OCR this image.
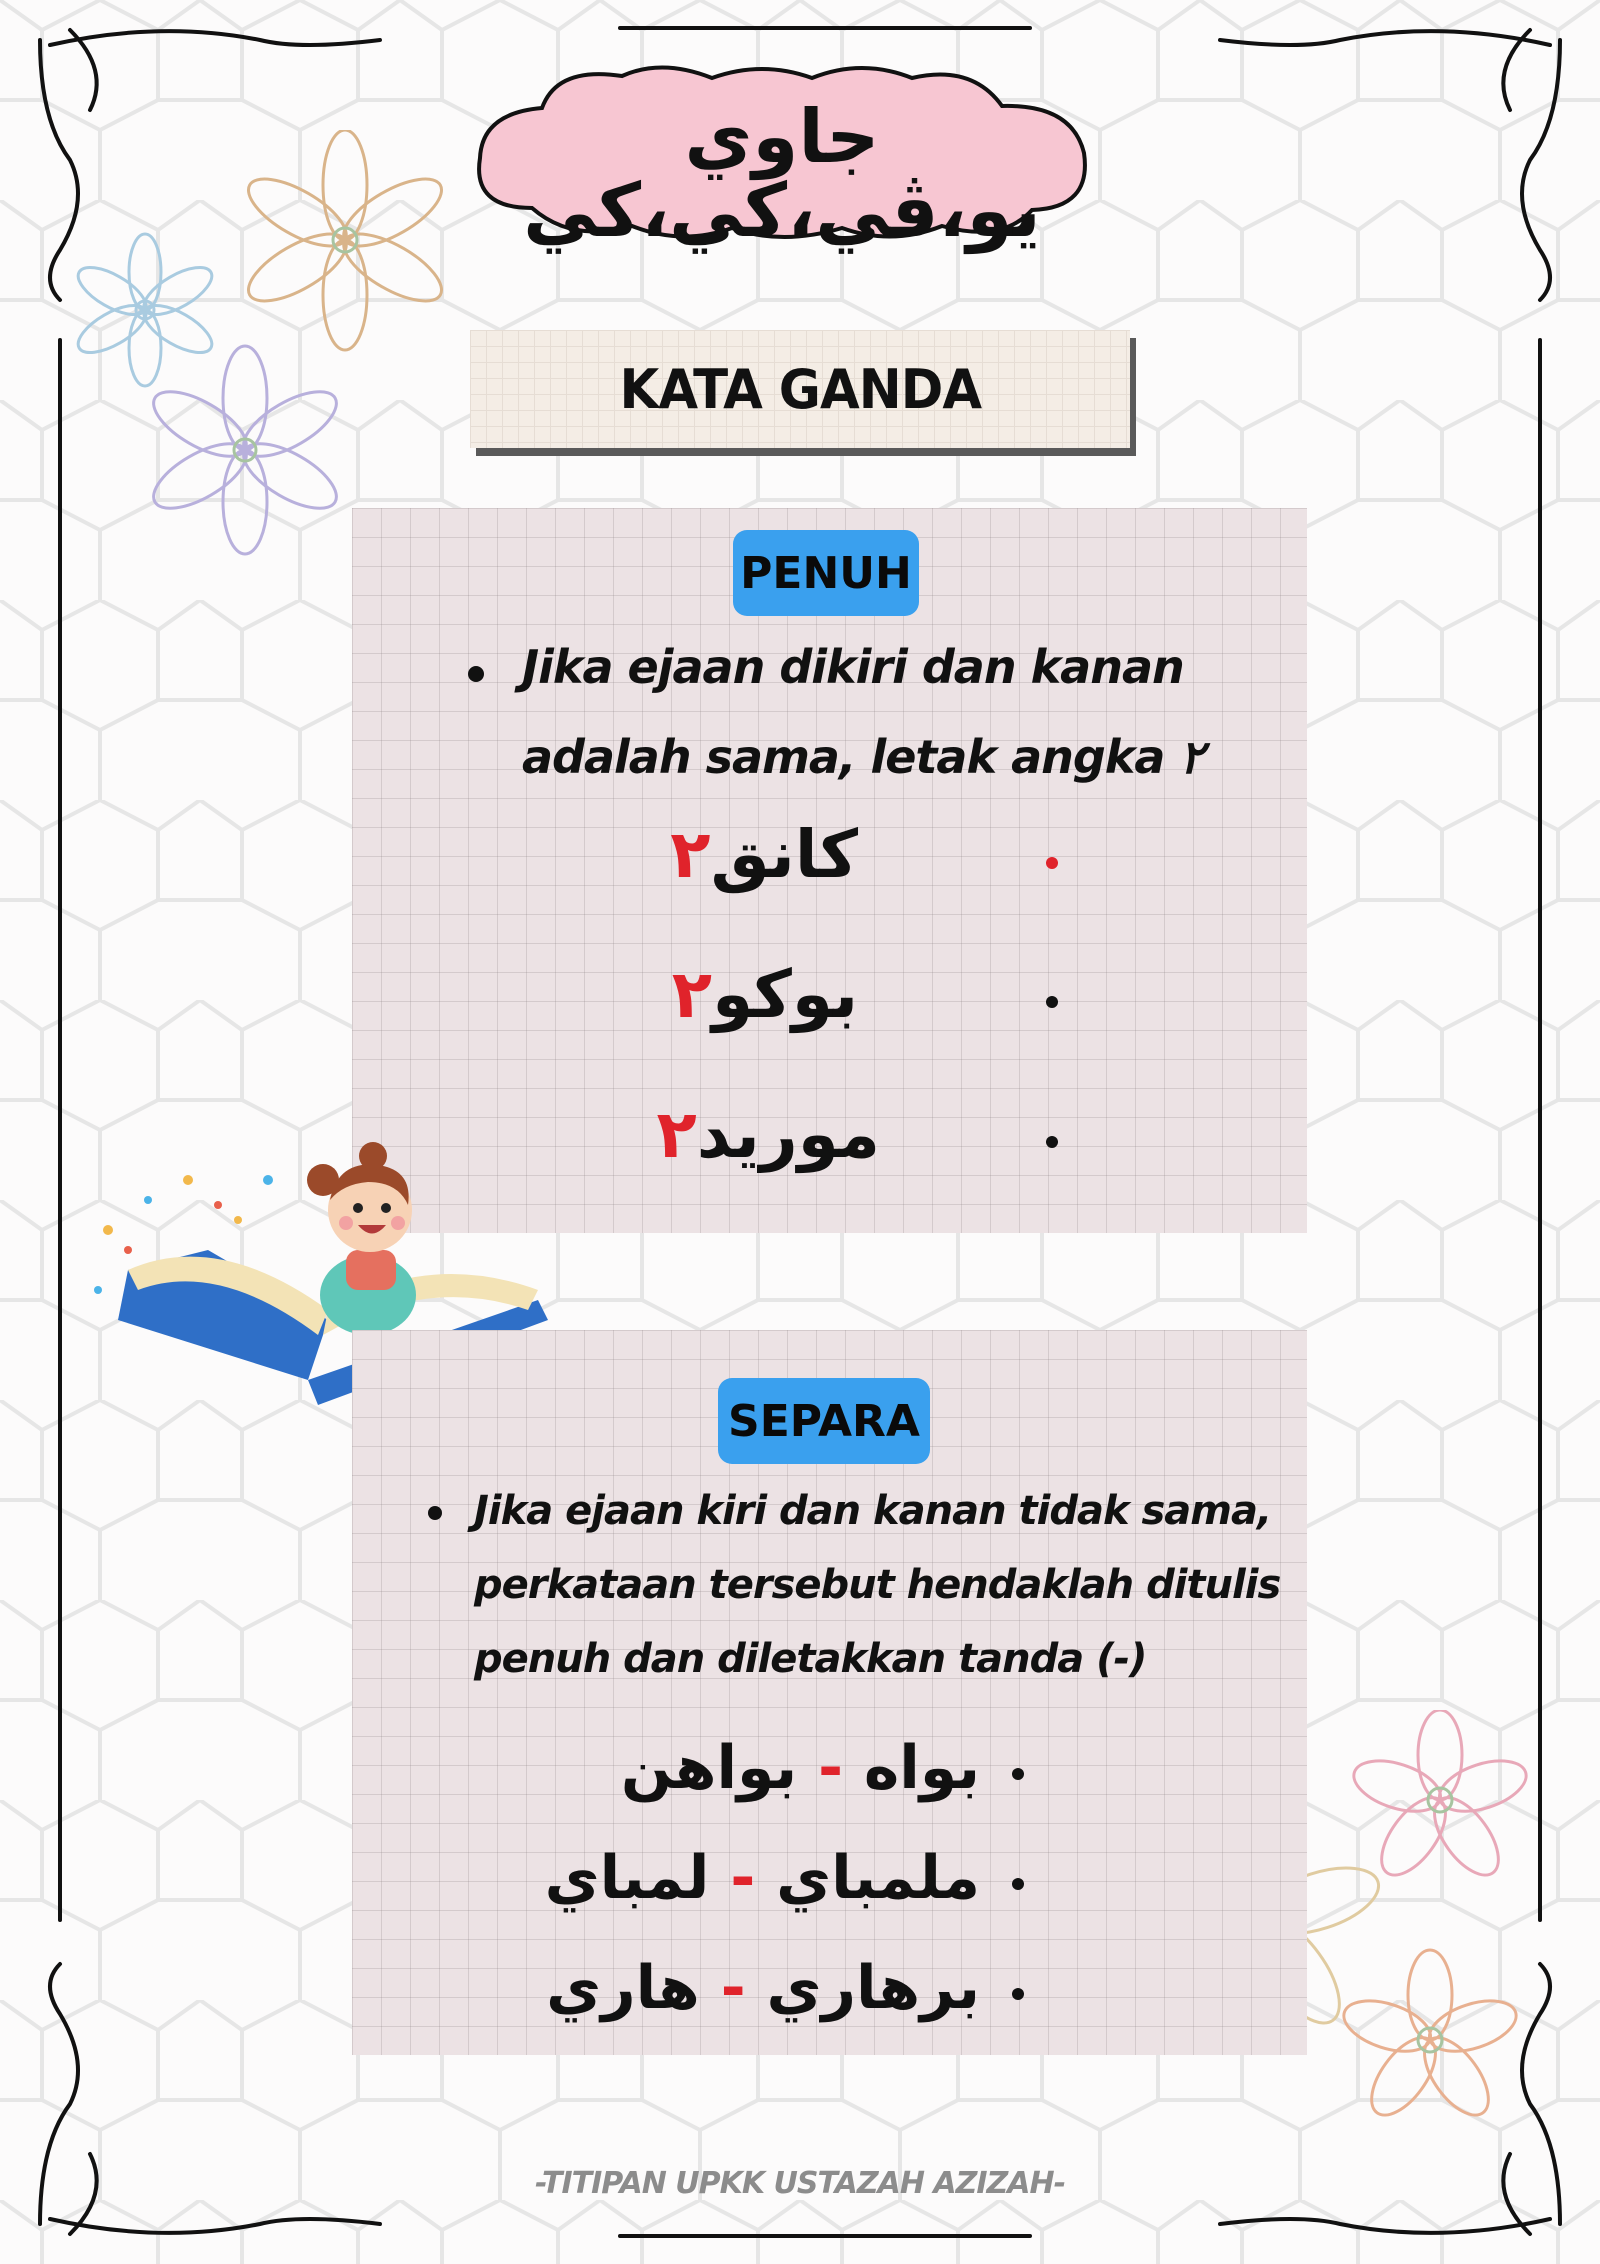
جاوي يو،ڤي،كي،كي
KATA GANDA
PENUH
Jika ejaan dikiri dan kanan
adalah sama, letak angka ٢
كانق٢
بوكو٢
موريد٢
SEPARA
Jika ejaan kiri dan kanan tidak sama,
perkataan tersebut hendaklah ditulis
penuh dan diletakkan tanda (-)
بواه - بواهن
ملمباي - لمباي
برهاري - هاري
-TITIPAN UPKK USTAZAH AZIZAH-
